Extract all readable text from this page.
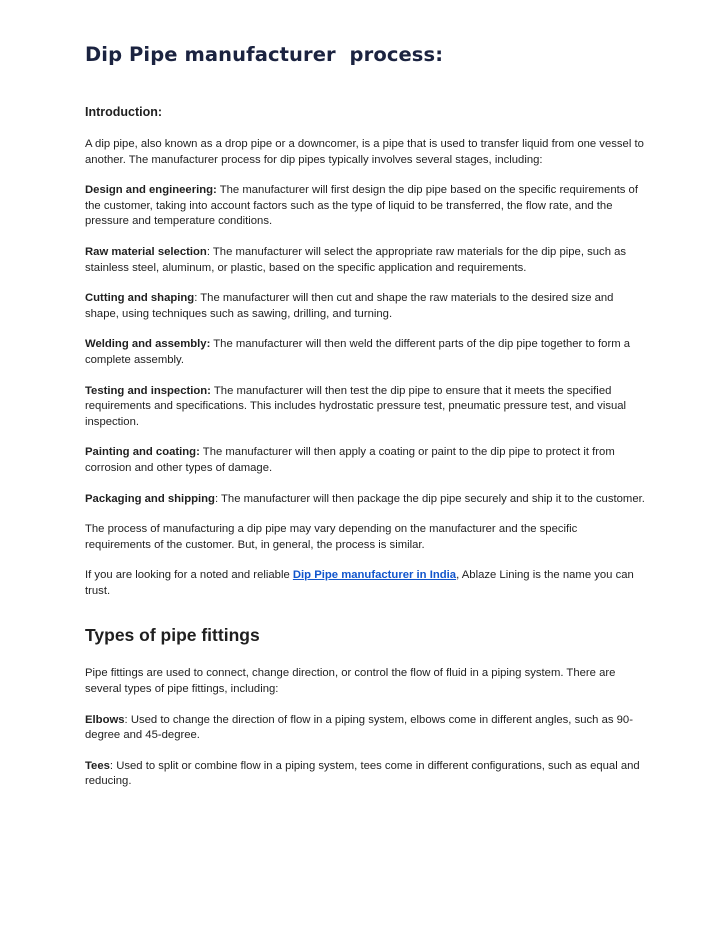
Dip Pipe manufacturer  process:
Introduction:

A dip pipe, also known as a drop pipe or a downcomer, is a pipe that is used to transfer liquid from one vessel to another. The manufacturer process for dip pipes typically involves several stages, including:

Design and engineering: The manufacturer will first design the dip pipe based on the specific requirements of the customer, taking into account factors such as the type of liquid to be transferred, the flow rate, and the pressure and temperature conditions.

Raw material selection: The manufacturer will select the appropriate raw materials for the dip pipe, such as stainless steel, aluminum, or plastic, based on the specific application and requirements.

Cutting and shaping: The manufacturer will then cut and shape the raw materials to the desired size and shape, using techniques such as sawing, drilling, and turning.

Welding and assembly: The manufacturer will then weld the different parts of the dip pipe together to form a complete assembly.

Testing and inspection: The manufacturer will then test the dip pipe to ensure that it meets the specified requirements and specifications. This includes hydrostatic pressure test, pneumatic pressure test, and visual inspection.

Painting and coating: The manufacturer will then apply a coating or paint to the dip pipe to protect it from corrosion and other types of damage.

Packaging and shipping: The manufacturer will then package the dip pipe securely and ship it to the customer.

The process of manufacturing a dip pipe may vary depending on the manufacturer and the specific requirements of the customer. But, in general, the process is similar.

If you are looking for a noted and reliable Dip Pipe manufacturer in India, Ablaze Lining is the name you can trust.

Types of pipe fittings

Pipe fittings are used to connect, change direction, or control the flow of fluid in a piping system. There are several types of pipe fittings, including:

Elbows: Used to change the direction of flow in a piping system, elbows come in different angles, such as 90-degree and 45-degree.

Tees: Used to split or combine flow in a piping system, tees come in different configurations, such as equal and reducing.
